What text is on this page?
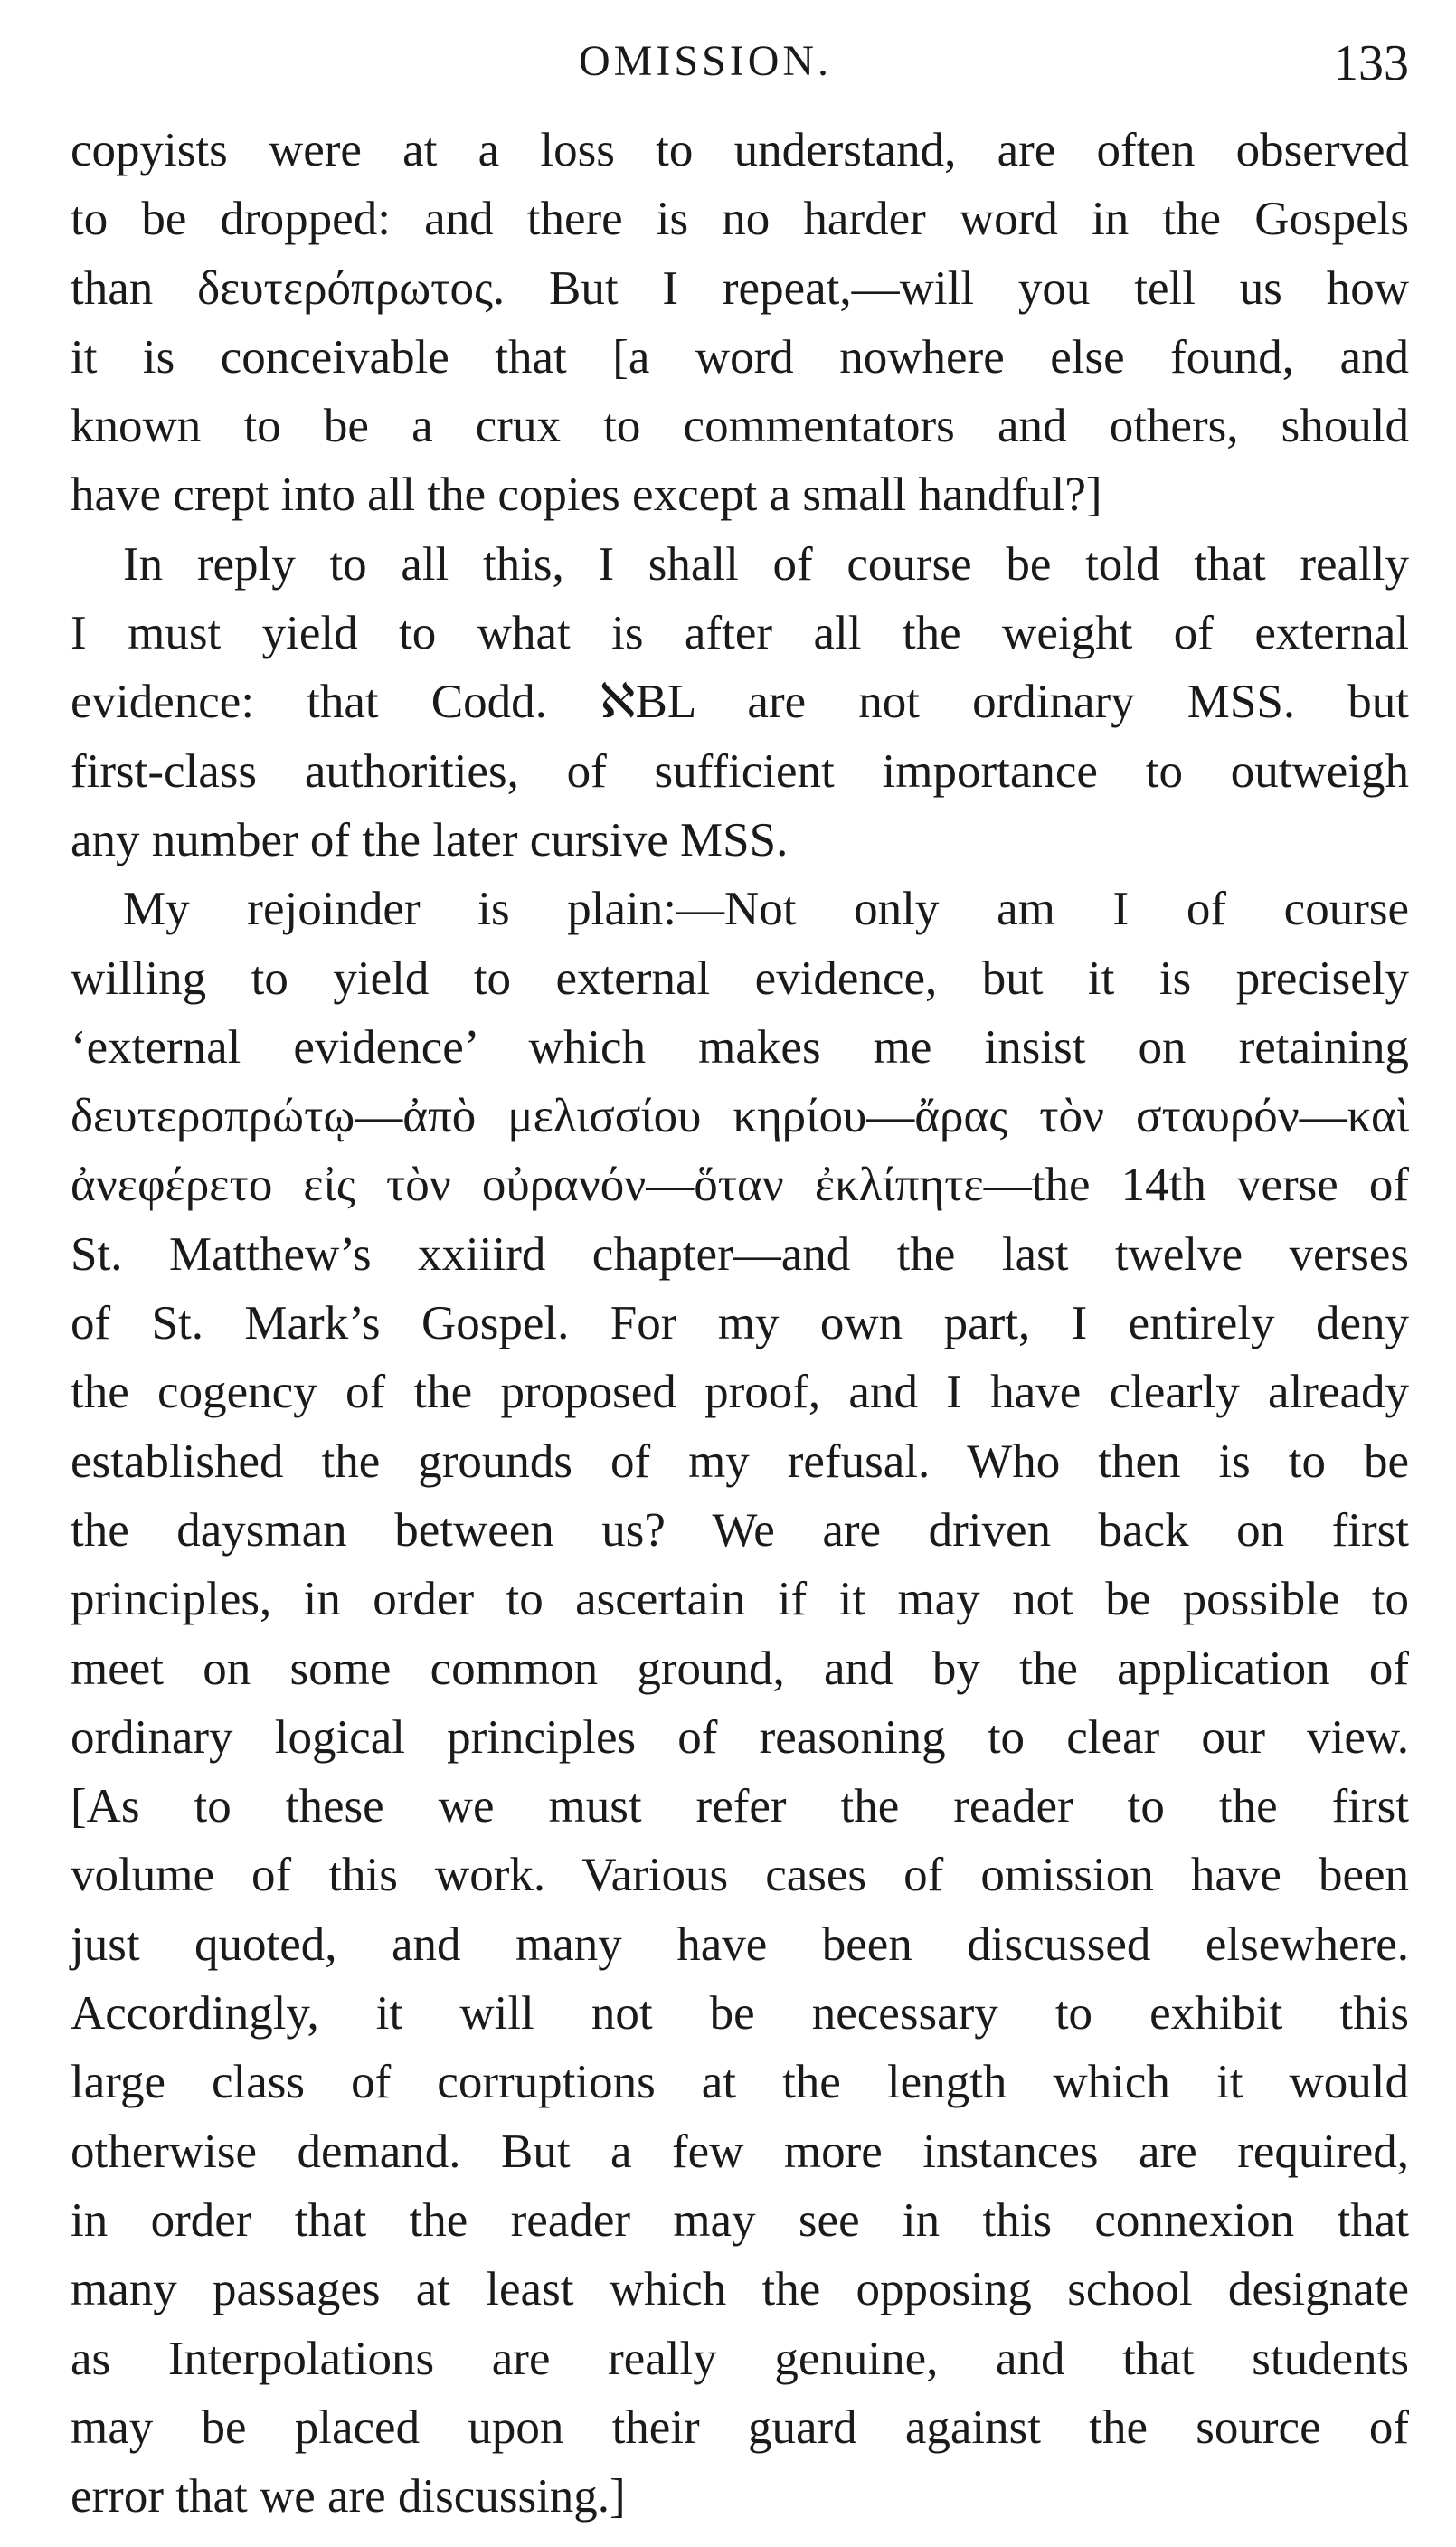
OMISSION.	133
copyists were at a loss to understand, are often observed
to be dropped: and there is no harder word in the Gospels
than δευτερόπρωτος. But I repeat,—will you tell us how
it is conceivable that [a word nowhere else found, and
known to be a crux to commentators and others, should
have crept into all the copies except a small handful?]
In reply to all this, I shall of course be told that really
I must yield to what is after all the weight of external
evidence: that Codd. ℵBL are not ordinary MSS. but
first-class authorities, of sufficient importance to outweigh
any number of the later cursive MSS.
My rejoinder is plain:—Not only am I of course
willing to yield to external evidence, but it is precisely
‘external evidence’ which makes me insist on retaining
δευτεροπρώτῳ—ἀπὸ μελισσίου κηρίου—ἄρας τὸν σταυρόν—καὶ
ἀνεφέρετο εἰς τὸν οὐρανόν—ὅταν ἐκλίπητε—the 14th verse of
St. Matthew’s xxiiird chapter—and the last twelve verses
of St. Mark’s Gospel. For my own part, I entirely deny
the cogency of the proposed proof, and I have clearly already
established the grounds of my refusal. Who then is to be
the daysman between us? We are driven back on first
principles, in order to ascertain if it may not be possible to
meet on some common ground, and by the application of
ordinary logical principles of reasoning to clear our view.
[As to these we must refer the reader to the first
volume of this work. Various cases of omission have been
just quoted, and many have been discussed elsewhere.
Accordingly, it will not be necessary to exhibit this
large class of corruptions at the length which it would
otherwise demand. But a few more instances are required,
in order that the reader may see in this connexion that
many passages at least which the opposing school designate
as Interpolations are really genuine, and that students
may be placed upon their guard against the source of
error that we are discussing.]
